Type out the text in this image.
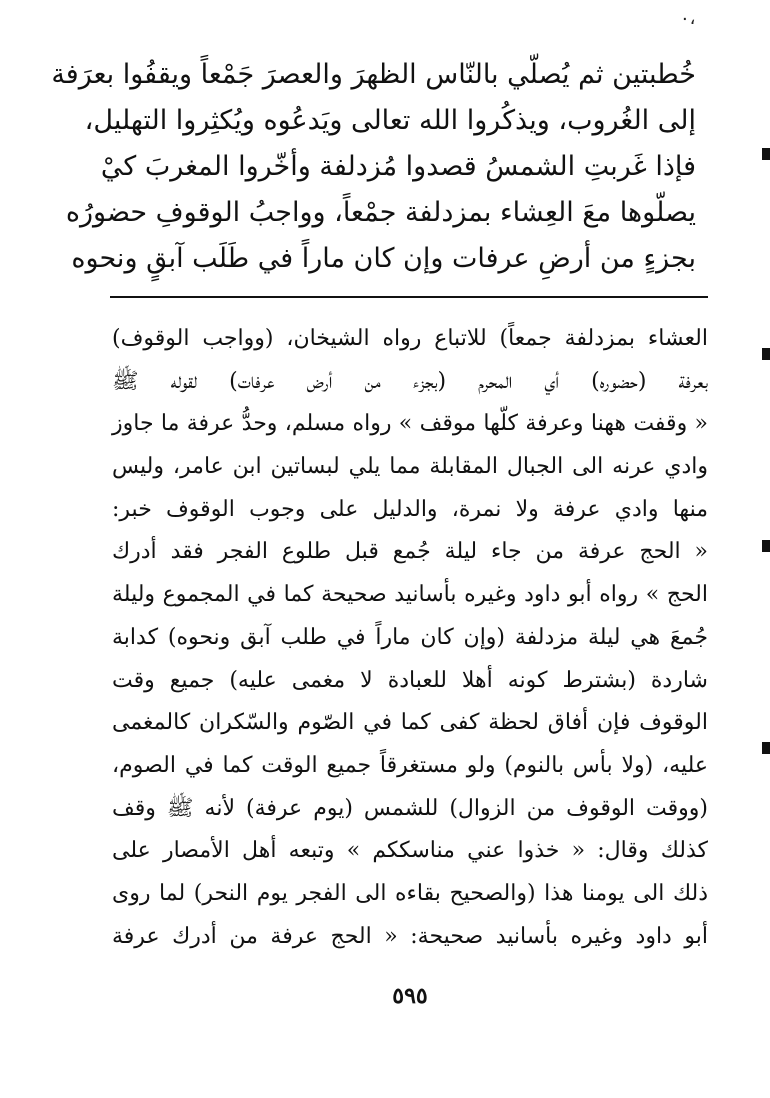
٠،
خُطبتين ثم يُصلّي بالنّاس الظهرَ والعصرَ جَمْعاً ويقفُوا بعرَفة
إلى الغُروب، ويذكُروا الله تعالى ويَدعُوه ويُكثِروا التهليل،
فإذا غَربتِ الشمسُ قصدوا مُزدلفة وأخّروا المغربَ كيْ
يصلّوها معَ العِشاء بمزدلفة جمْعاً، وواجبُ الوقوفِ حضورُه
بجزءٍ من أرضِ عرفات وإن كان ماراً في طَلَب آبقٍ ونحوه
العشاء بمزدلفة جمعاً) للاتباع رواه الشيخان، (وواجب الوقوف)
بعرفة (حضوره) أي المحرم (بجزء من أرض عرفات) لقوله ﷺ
« وقفت ههنا وعرفة كلّها موقف » رواه مسلم، وحدُّ عرفة ما جاوز
وادي عرنه الى الجبال المقابلة مما يلي لبساتين ابن عامر، وليس
منها وادي عرفة ولا نمرة، والدليل على وجوب الوقوف خبر:
« الحج عرفة من جاء ليلة جُمع قبل طلوع الفجر فقد أدرك
الحج » رواه أبو داود وغيره بأسانيد صحيحة كما في المجموع وليلة
جُمعَ هي ليلة مزدلفة (وإن كان ماراً في طلب آبق ونحوه) كدابة
شاردة (بشترط كونه أهلا للعبادة لا مغمى عليه) جميع وقت
الوقوف فإن أفاق لحظة كفى كما في الصّوم والسّكران كالمغمى
عليه، (ولا بأس بالنوم) ولو مستغرقاً جميع الوقت كما في الصوم،
(ووقت الوقوف من الزوال) للشمس (يوم عرفة) لأنه ﷺ وقف
كذلك وقال: « خذوا عني مناسككم » وتبعه أهل الأمصار على
ذلك الى يومنا هذا (والصحيح بقاءه الى الفجر يوم النحر) لما روى
أبو داود وغيره بأسانيد صحيحة: « الحج عرفة من أدرك عرفة
٥٩٥
